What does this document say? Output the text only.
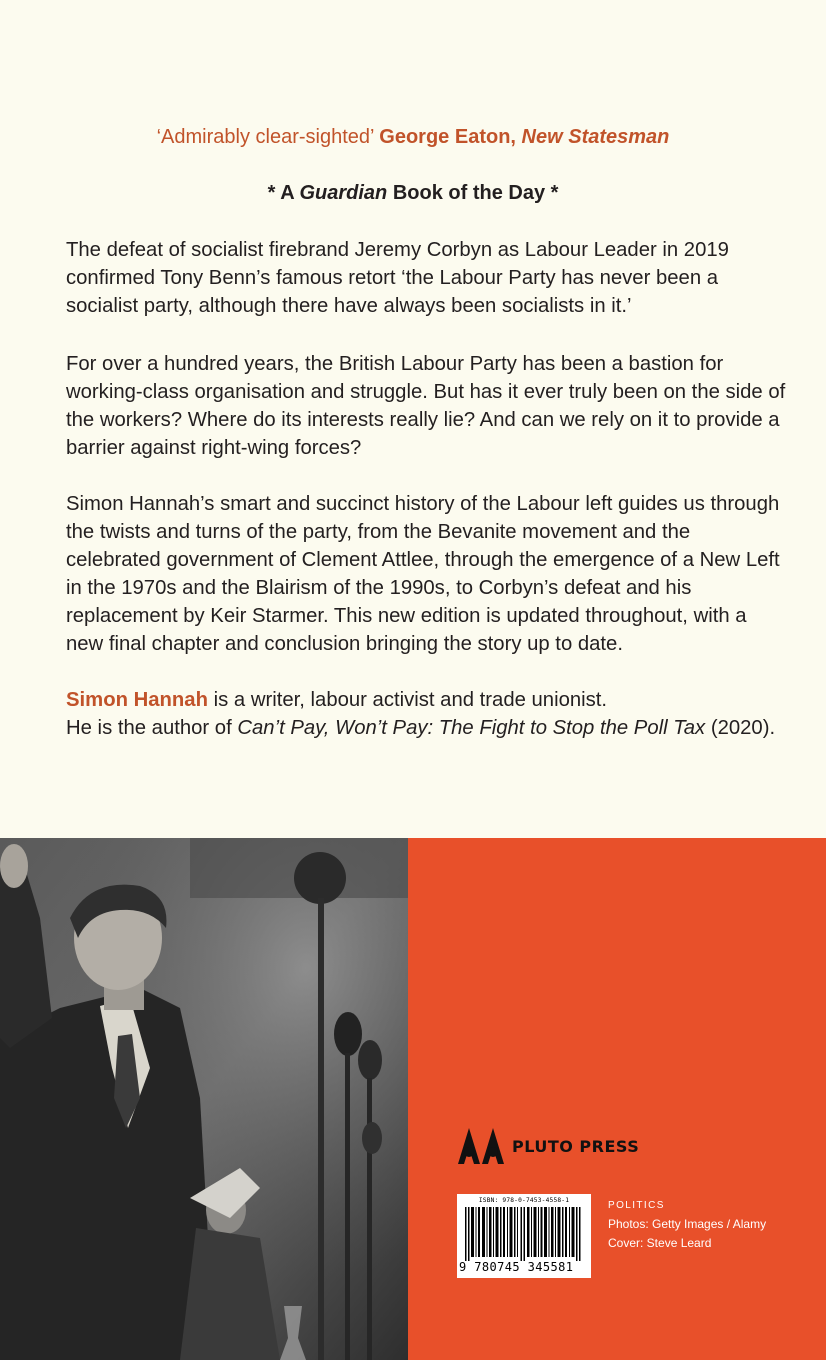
‘Admirably clear-sighted’ George Eaton, New Statesman
* A Guardian Book of the Day *

The defeat of socialist firebrand Jeremy Corbyn as Labour Leader in 2019 confirmed Tony Benn’s famous retort ‘the Labour Party has never been a socialist party, although there have always been socialists in it.’

For over a hundred years, the British Labour Party has been a bastion for working-class organisation and struggle. But has it ever truly been on the side of the workers? Where do its interests really lie? And can we rely on it to provide a barrier against right-wing forces?

Simon Hannah’s smart and succinct history of the Labour left guides us through the twists and turns of the party, from the Bevanite movement and the celebrated government of Clement Attlee, through the emergence of a New Left in the 1970s and the Blairism of the 1990s, to Corbyn’s defeat and his replacement by Keir Starmer. This new edition is updated throughout, with a new final chapter and conclusion bringing the story up to date.

Simon Hannah is a writer, labour activist and trade unionist.
He is the author of Can’t Pay, Won’t Pay: The Fight to Stop the Poll Tax (2020).

PLUTO PRESS
ISBN: 978-0-7453-4558-1
9 780745 345581
POLITICS
Photos: Getty Images / Alamy
Cover: Steve Leard
